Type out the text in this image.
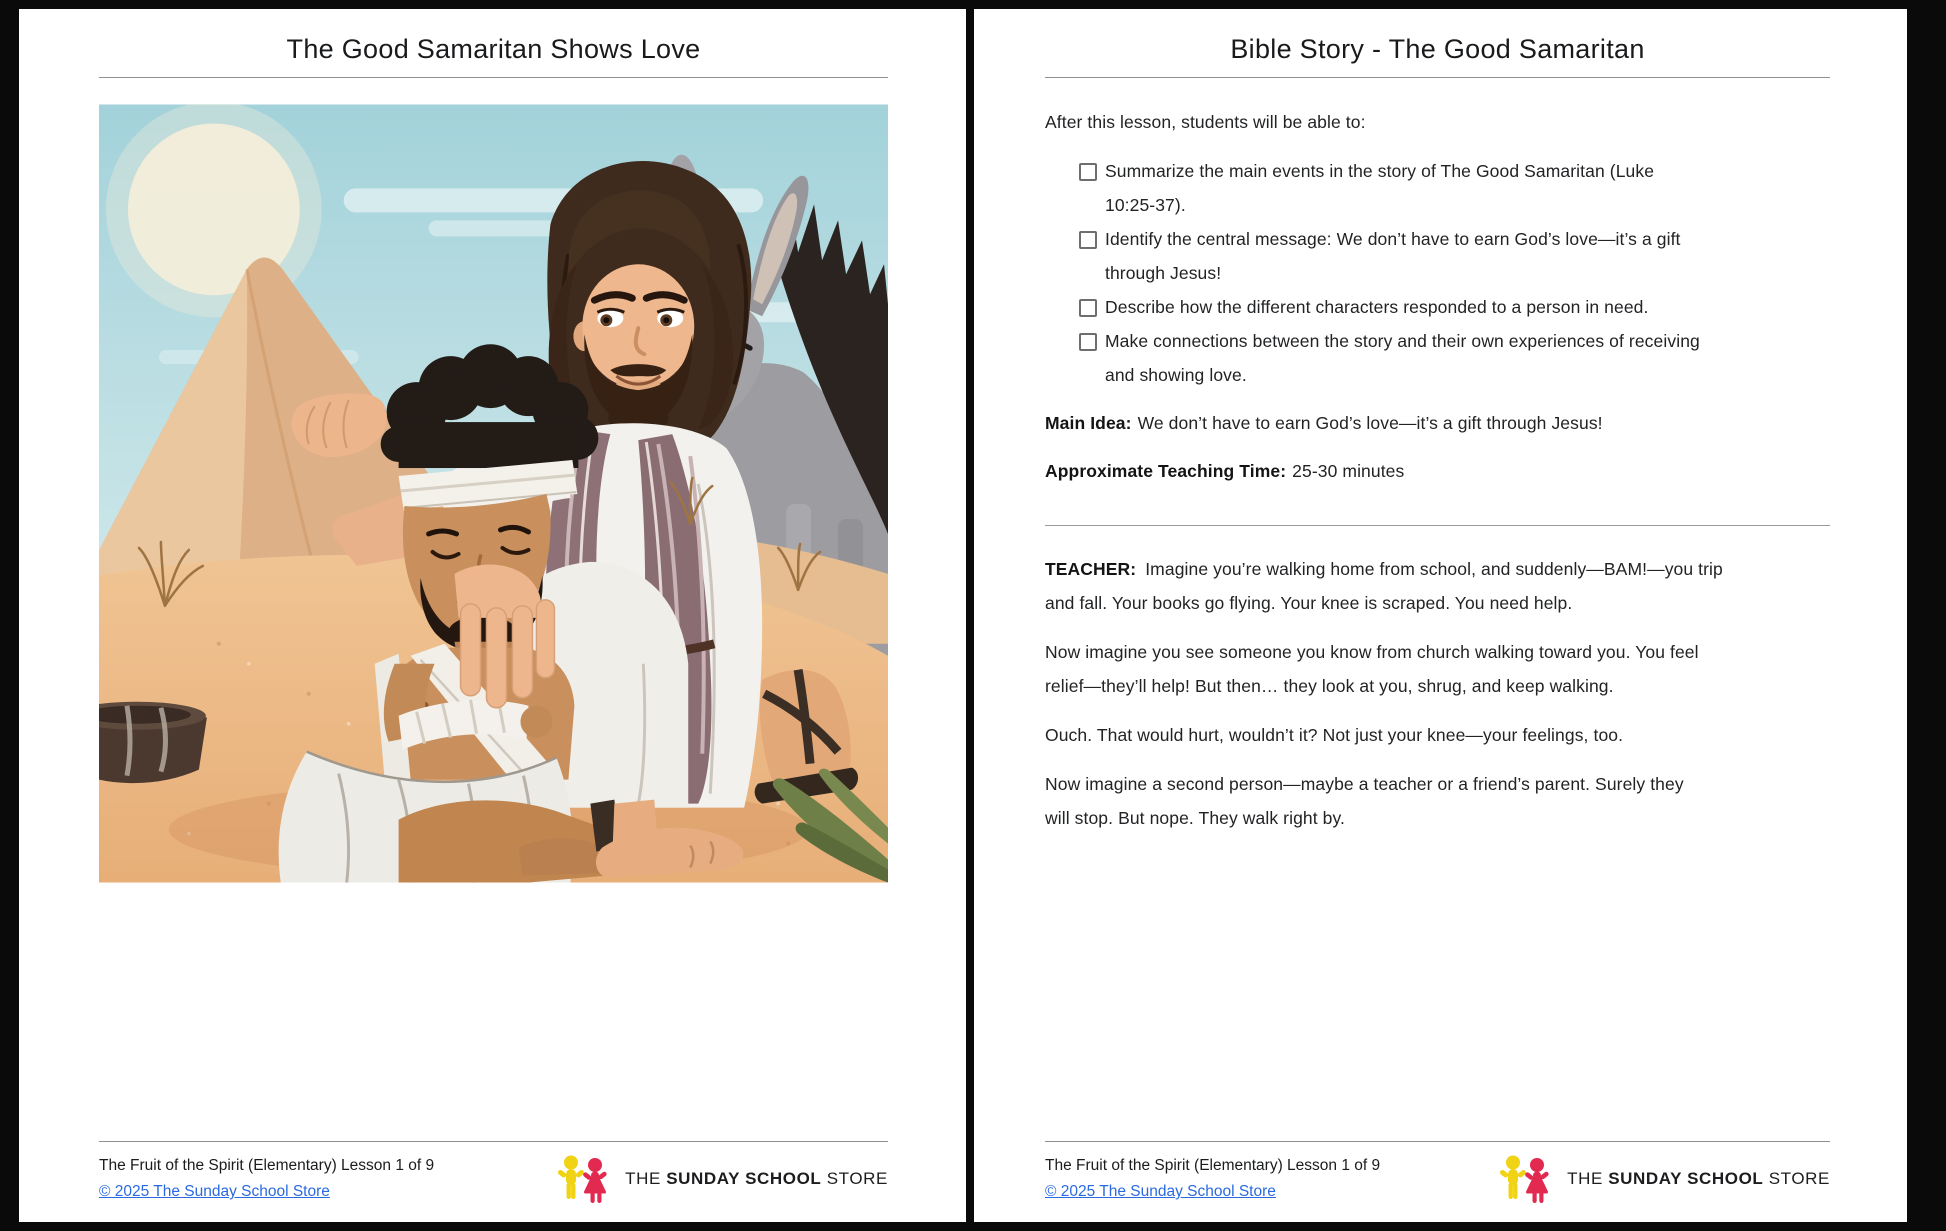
The Good Samaritan Shows Love
The Fruit of the Spirit (Elementary) Lesson 1 of 9
© 2025 The Sunday School Store
THE SUNDAY SCHOOL STORE
Bible Story - The Good Samaritan
After this lesson, students will be able to:
Summarize the main events in the story of The Good Samaritan (Luke
10:25-37).
Identify the central message: We don’t have to earn God’s love—it’s a gift
through Jesus!
Describe how the different characters responded to a person in need.
Make connections between the story and their own experiences of receiving
and showing love.
Main Idea: We don’t have to earn God’s love—it’s a gift through Jesus!
Approximate Teaching Time: 25-30 minutes
TEACHER: Imagine you’re walking home from school, and suddenly—BAM!—you trip
and fall. Your books go flying. Your knee is scraped. You need help.
Now imagine you see someone you know from church walking toward you. You feel
relief—they’ll help! But then… they look at you, shrug, and keep walking.
Ouch. That would hurt, wouldn’t it? Not just your knee—your feelings, too.
Now imagine a second person—maybe a teacher or a friend’s parent. Surely they
will stop. But nope. They walk right by.
The Fruit of the Spirit (Elementary) Lesson 1 of 9
© 2025 The Sunday School Store
THE SUNDAY SCHOOL STORE
